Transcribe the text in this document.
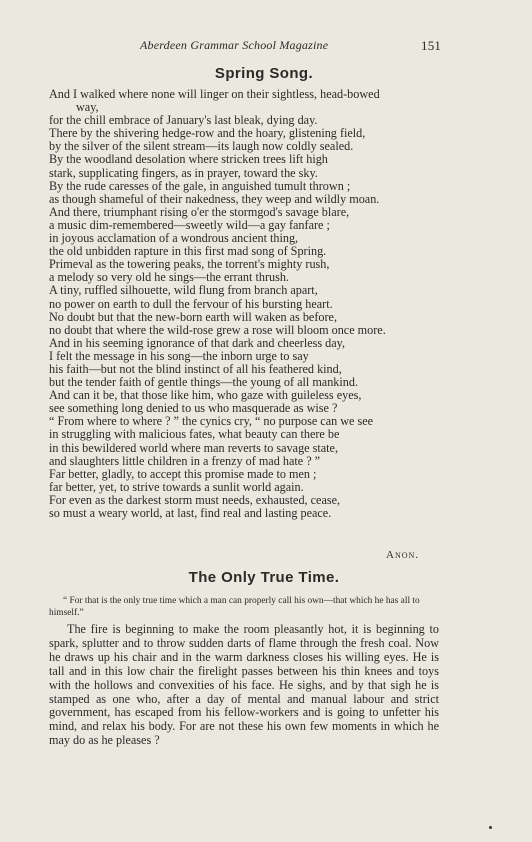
Aberdeen Grammar School Magazine	151
Spring Song.
And I walked where none will linger on their sightless, head-bowed
way,
for the chill embrace of January's last bleak, dying day.
There by the shivering hedge-row and the hoary, glistening field,
by the silver of the silent stream—its laugh now coldly sealed.
By the woodland desolation where stricken trees lift high
stark, supplicating fingers, as in prayer, toward the sky.
By the rude caresses of the gale, in anguished tumult thrown ;
as though shameful of their nakedness, they weep and wildly moan.
And there, triumphant rising o'er the stormgod's savage blare,
a music dim-remembered—sweetly wild—a gay fanfare ;
in joyous acclamation of a wondrous ancient thing,
the old unbidden rapture in this first mad song of Spring.
Primeval as the towering peaks, the torrent's mighty rush,
a melody so very old he sings—the errant thrush.
A tiny, ruffled silhouette, wild flung from branch apart,
no power on earth to dull the fervour of his bursting heart.
No doubt but that the new-born earth will waken as before,
no doubt that where the wild-rose grew a rose will bloom once more.
And in his seeming ignorance of that dark and cheerless day,
I felt the message in his song—the inborn urge to say
his faith—but not the blind instinct of all his feathered kind,
but the tender faith of gentle things—the young of all mankind.
And can it be, that those like him, who gaze with guileless eyes,
see something long denied to us who masquerade as wise ?
“ From where to where ? ” the cynics cry, “ no purpose can we see
in struggling with malicious fates, what beauty can there be
in this bewildered world where man reverts to savage state,
and slaughters little children in a frenzy of mad hate ? ”
Far better, gladly, to accept this promise made to men ;
far better, yet, to strive towards a sunlit world again.
For even as the darkest storm must needs, exhausted, cease,
so must a weary world, at last, find real and lasting peace.
Anon.
The Only True Time.
“ For that is the only true time which a man can properly call his own—that which he has all to himself.”
The fire is beginning to make the room pleasantly hot, it is beginning to spark, splutter and to throw sudden darts of flame through the fresh coal. Now he draws up his chair and in the warm darkness closes his willing eyes. He is tall and in this low chair the firelight passes between his thin knees and toys with the hollows and convexities of his face. He sighs, and by that sigh he is stamped as one who, after a day of mental and manual labour and strict government, has escaped from his fellow-workers and is going to unfetter his mind, and relax his body. For are not these his own few moments in which he may do as he pleases ?
